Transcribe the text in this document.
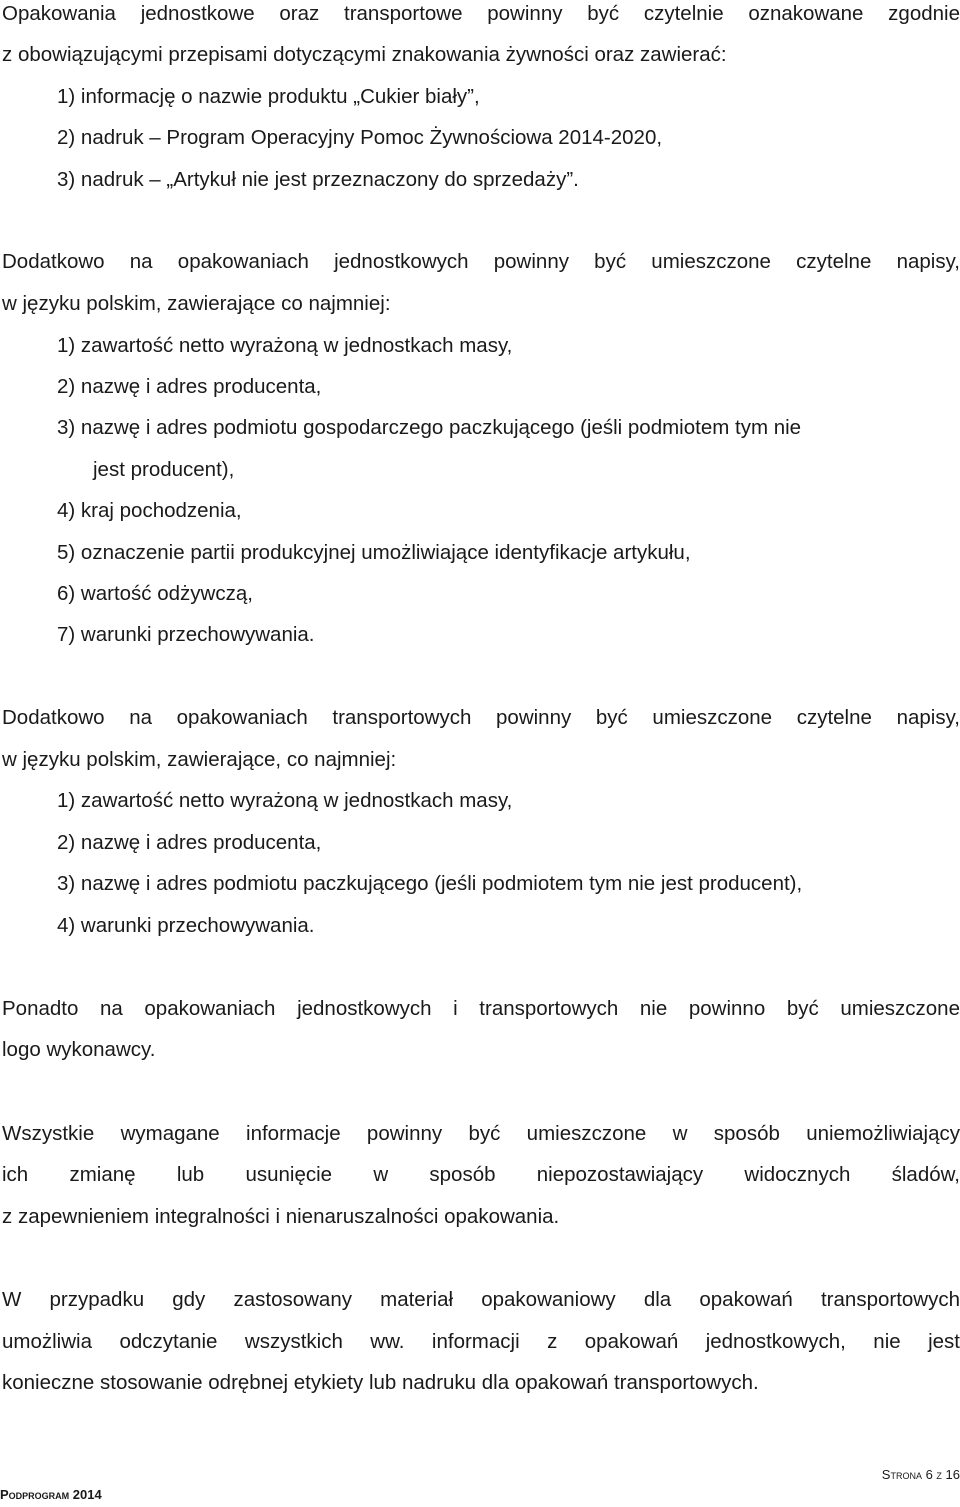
Opakowania jednostkowe oraz transportowe powinny być czytelnie oznakowane zgodnie
z obowiązującymi przepisami dotyczącymi znakowania żywności oraz zawierać:
1) informację o nazwie produktu „Cukier biały”,
2) nadruk – Program Operacyjny Pomoc Żywnościowa 2014-2020,
3) nadruk – „Artykuł nie jest przeznaczony do sprzedaży”.
Dodatkowo na opakowaniach jednostkowych powinny być umieszczone czytelne napisy,
w języku polskim, zawierające co najmniej:
1) zawartość netto wyrażoną w jednostkach masy,
2) nazwę i adres producenta,
3) nazwę i adres podmiotu gospodarczego paczkującego (jeśli podmiotem tym nie
jest producent),
4) kraj pochodzenia,
5) oznaczenie partii produkcyjnej umożliwiające identyfikacje artykułu,
6) wartość odżywczą,
7) warunki przechowywania.
Dodatkowo na opakowaniach transportowych powinny być umieszczone czytelne napisy,
w języku polskim, zawierające, co najmniej:
1) zawartość netto wyrażoną w jednostkach masy,
2) nazwę i adres producenta,
3) nazwę i adres podmiotu paczkującego (jeśli podmiotem tym nie jest producent),
4) warunki przechowywania.
Ponadto na opakowaniach jednostkowych i transportowych nie powinno być umieszczone
logo wykonawcy.
Wszystkie wymagane informacje powinny być umieszczone w sposób uniemożliwiający
ich zmianę lub usunięcie w sposób niepozostawiający widocznych śladów,
z zapewnieniem integralności i nienaruszalności opakowania.
W przypadku gdy zastosowany materiał opakowaniowy dla opakowań transportowych
umożliwia odczytanie wszystkich ww. informacji z opakowań jednostkowych, nie jest
konieczne stosowanie odrębnej etykiety lub nadruku dla opakowań transportowych.
Strona 6 z 16
Podprogram 2014
